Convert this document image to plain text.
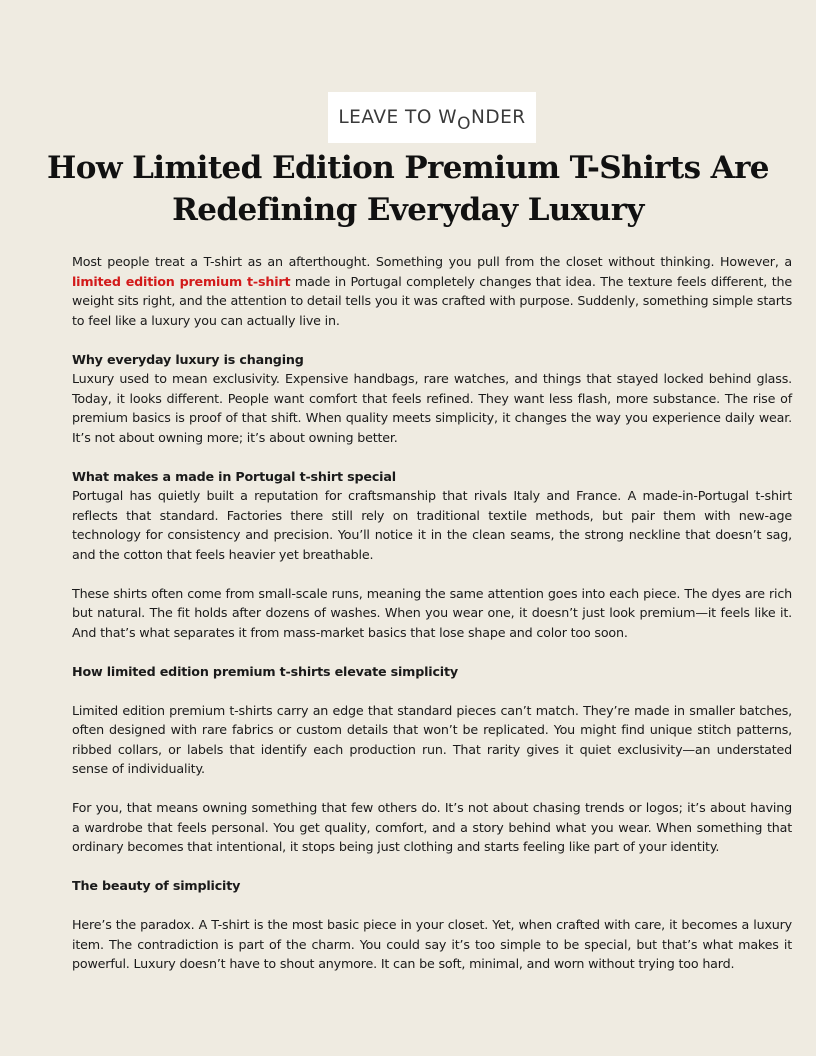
LEAVE TO W O NDER
How Limited Edition Premium T-Shirts Are Redefining Everyday Luxury

Most people treat a T-shirt as an afterthought. Something you pull from the closet without thinking. However, a limited edition premium t-shirt made in Portugal completely changes that idea. The texture feels different, the weight sits right, and the attention to detail tells you it was crafted with purpose. Suddenly, something simple starts to feel like a luxury you can actually live in.

Why everyday luxury is changing

Luxury used to mean exclusivity. Expensive handbags, rare watches, and things that stayed locked behind glass. Today, it looks different. People want comfort that feels refined. They want less flash, more substance. The rise of premium basics is proof of that shift. When quality meets simplicity, it changes the way you experience daily wear. It’s not about owning more; it’s about owning better.

What makes a made in Portugal t-shirt special

Portugal has quietly built a reputation for craftsmanship that rivals Italy and France. A made-in-Portugal t-shirt reflects that standard. Factories there still rely on traditional textile methods, but pair them with new-age technology for consistency and precision. You’ll notice it in the clean seams, the strong neckline that doesn’t sag, and the cotton that feels heavier yet breathable.

These shirts often come from small-scale runs, meaning the same attention goes into each piece. The dyes are rich but natural. The fit holds after dozens of washes. When you wear one, it doesn’t just look premium—it feels like it. And that’s what separates it from mass-market basics that lose shape and color too soon.

How limited edition premium t-shirts elevate simplicity

Limited edition premium t-shirts carry an edge that standard pieces can’t match. They’re made in smaller batches, often designed with rare fabrics or custom details that won’t be replicated. You might find unique stitch patterns, ribbed collars, or labels that identify each production run. That rarity gives it quiet exclusivity—an understated sense of individuality.

For you, that means owning something that few others do. It’s not about chasing trends or logos; it’s about having a wardrobe that feels personal. You get quality, comfort, and a story behind what you wear. When something that ordinary becomes that intentional, it stops being just clothing and starts feeling like part of your identity.

The beauty of simplicity

Here’s the paradox. A T-shirt is the most basic piece in your closet. Yet, when crafted with care, it becomes a luxury item. The contradiction is part of the charm. You could say it’s too simple to be special, but that’s what makes it powerful. Luxury doesn’t have to shout anymore. It can be soft, minimal, and worn without trying too hard.
